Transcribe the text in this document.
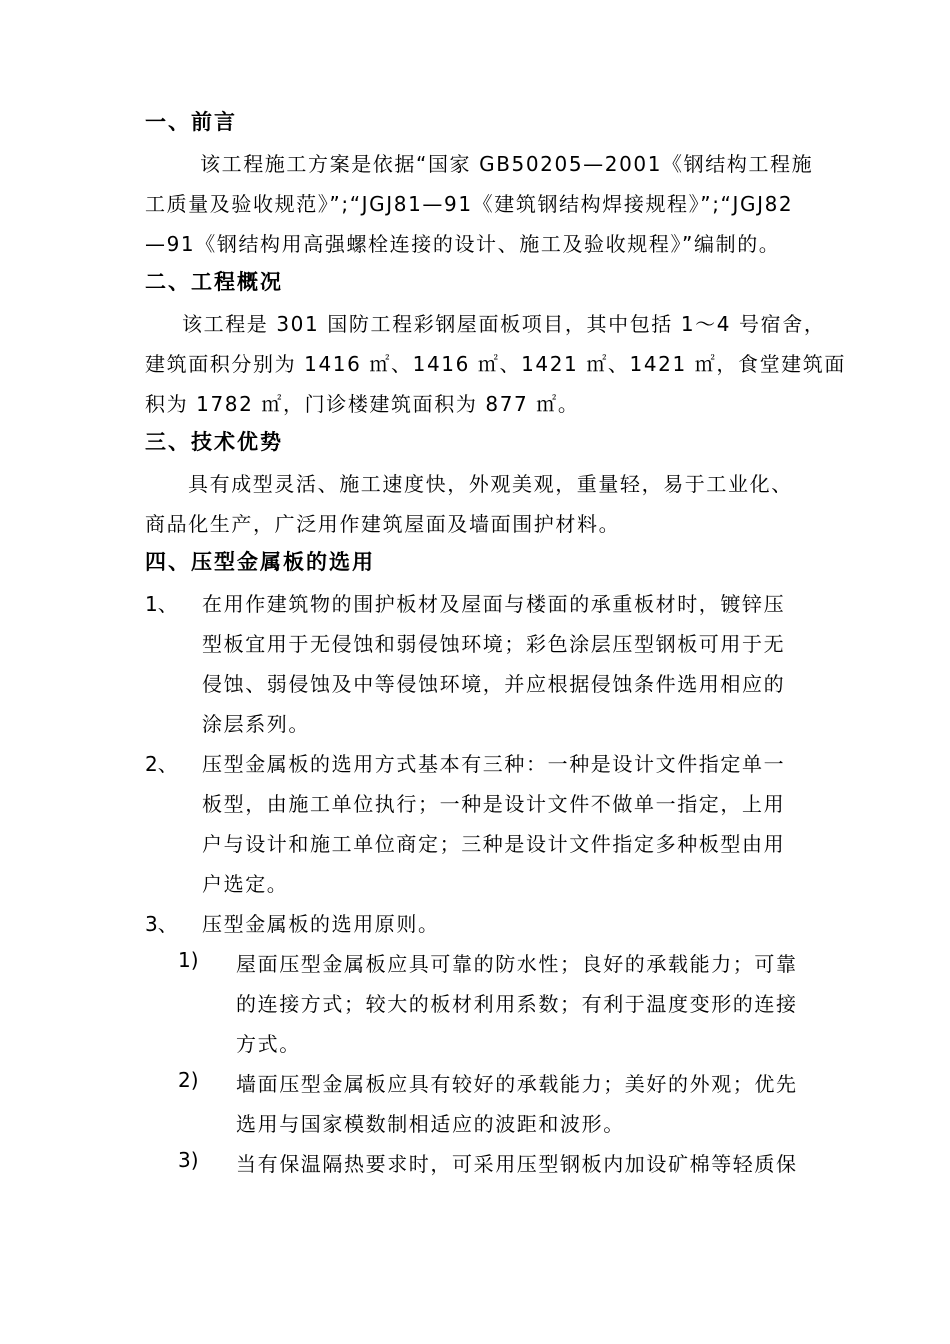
一、前言
该工程施工方案是依据“国家 GB50205—2001《钢结构工程施
工质量及验收规范》”;“JGJ81—91《建筑钢结构焊接规程》”;“JGJ82
—91《钢结构用高强螺栓连接的设计、施工及验收规程》”编制的。
二、工程概况
该工程是 301 国防工程彩钢屋面板项目，其中包括 1～4 号宿舍，
建筑面积分别为 1416 ㎡、1416 ㎡、1421 ㎡、1421 ㎡，食堂建筑面
积为 1782 ㎡，门诊楼建筑面积为 877 ㎡。
三、技术优势
具有成型灵活、施工速度快，外观美观，重量轻，易于工业化、
商品化生产，广泛用作建筑屋面及墙面围护材料。
四、压型金属板的选用
1、 在用作建筑物的围护板材及屋面与楼面的承重板材时，镀锌压
型板宜用于无侵蚀和弱侵蚀环境；彩色涂层压型钢板可用于无
侵蚀、弱侵蚀及中等侵蚀环境，并应根据侵蚀条件选用相应的
涂层系列。
2、 压型金属板的选用方式基本有三种：一种是设计文件指定单一
板型，由施工单位执行；一种是设计文件不做单一指定，上用
户与设计和施工单位商定；三种是设计文件指定多种板型由用
户选定。
3、 压型金属板的选用原则。
1) 屋面压型金属板应具可靠的防水性；良好的承载能力；可靠
的连接方式；较大的板材利用系数；有利于温度变形的连接
方式。
2) 墙面压型金属板应具有较好的承载能力；美好的外观；优先
选用与国家模数制相适应的波距和波形。
3) 当有保温隔热要求时，可采用压型钢板内加设矿棉等轻质保
